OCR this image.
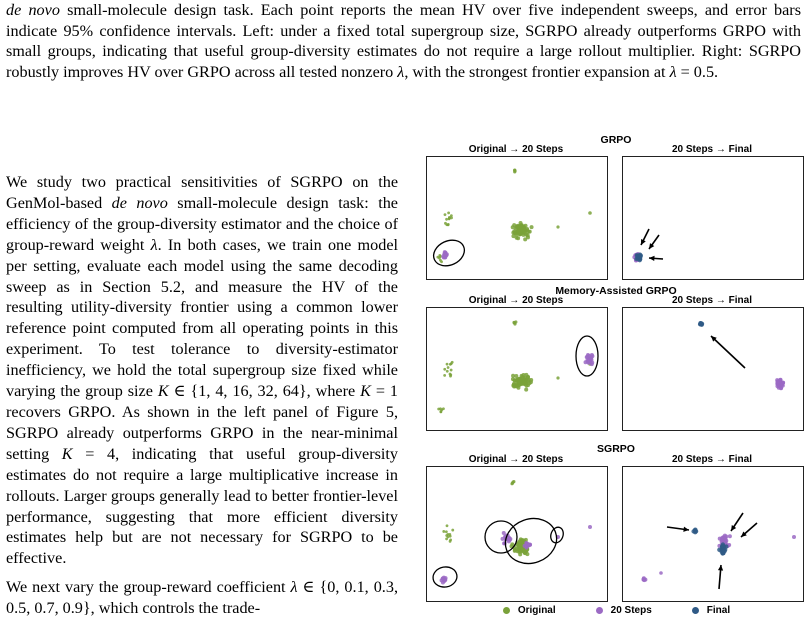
de novo small-molecule design task. Each point reports the mean HV over five independent sweeps, and error bars indicate 95% confidence intervals. Left: under a fixed total supergroup size, SGRPO already outperforms GRPO with small groups, indicating that useful group-diversity estimates do not require a large rollout multiplier. Right: SGRPO robustly improves HV over GRPO across all tested nonzero λ, with the strongest frontier expansion at λ = 0.5.

We study two practical sensitivities of SGRPO on the GenMol-based de novo small-molecule design task: the efficiency of the group-diversity estimator and the choice of group-reward weight λ. In both cases, we train one model per setting, evaluate each model using the same decoding sweep as in Section 5.2, and measure the HV of the resulting utility-diversity frontier using a common lower reference point computed from all operating points in this experiment. To test tolerance to diversity-estimator inefficiency, we hold the total supergroup size fixed while varying the group size K ∈ {1, 4, 16, 32, 64}, where K = 1 recovers GRPO. As shown in the left panel of Figure 5, SGRPO already outperforms GRPO in the near-minimal setting K = 4, indicating that useful group-diversity estimates do not require a large multiplicative increase in rollouts. Larger groups generally lead to better frontier-level performance, suggesting that more efficient diversity estimates help but are not necessary for SGRPO to be effective.

We next vary the group-reward coefficient λ ∈ {0, 0.1, 0.3, 0.5, 0.7, 0.9}, which controls the trade-

GRPO
Original → 20 Steps	20 Steps → Final
Memory-Assisted GRPO
Original → 20 Steps	20 Steps → Final
SGRPO
Original → 20 Steps	20 Steps → Final
Original	20 Steps	Final
